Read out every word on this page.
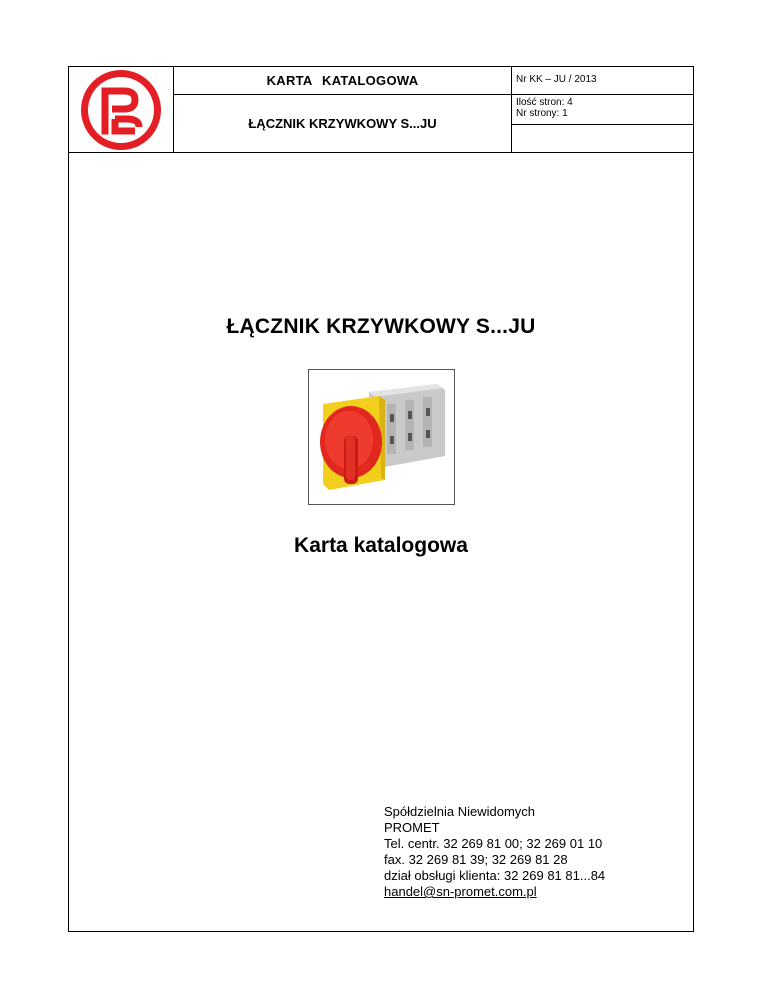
KARTA KATALOGOWA
ŁĄCZNIK KRZYWKOWY S...JU
Nr KK – JU / 2013
Ilość stron: 4
Nr strony: 1
ŁĄCZNIK KRZYWKOWY S...JU
Karta katalogowa
Spółdzielnia Niewidomych
PROMET
Tel. centr. 32 269 81 00; 32 269 01 10
fax. 32 269 81 39; 32 269 81 28
dział obsługi klienta: 32 269 81 81...84
handel@sn-promet.com.pl
